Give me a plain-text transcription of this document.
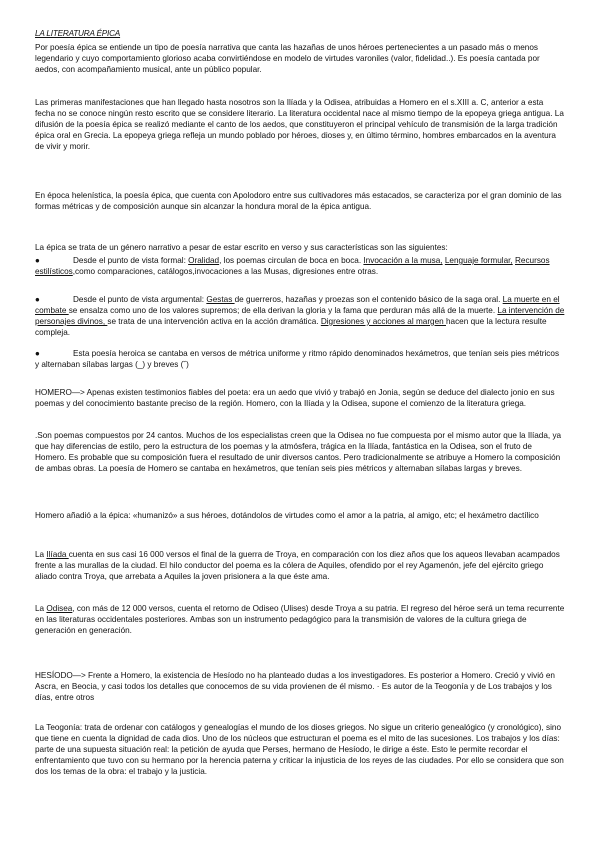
LA LITERATURA ÉPICA

Por poesía épica se entiende un tipo de poesía narrativa que canta las hazañas de unos héroes pertenecientes a un pasado más o menos legendario y cuyo comportamiento glorioso acaba convirtiéndose en modelo de virtudes varoniles (valor, fidelidad..). Es poesía cantada por aedos, con acompañamiento musical, ante un público popular.

Las primeras manifestaciones que han llegado hasta nosotros son la Ilíada y la Odisea, atribuidas a Homero en el s.XIII a. C, anterior a esta fecha no se conoce ningún resto escrito que se considere literario. La literatura occidental nace al mismo tiempo de la epopeya griega antigua. La difusión de la poesía épica se realizó mediante el canto de los aedos, que constituyeron el principal vehículo de transmisión de la larga tradición épica oral en Grecia. La epopeya griega refleja un mundo poblado por héroes, dioses y, en último término, hombres embarcados en la aventura de vivir y morir.

En época helenística, la poesía épica, que cuenta con Apolodoro entre sus cultivadores más estacados, se caracteriza por el gran dominio de las formas métricas y de composición aunque sin alcanzar la hondura moral de la épica antigua.

La épica se trata de un género narrativo a pesar de estar escrito en verso y sus características son las siguientes:

●	Desde el punto de vista formal: Oralidad, los poemas circulan de boca en boca. Invocación a la musa, Lenguaje formular, Recursos estilísticos,como comparaciones, catálogos,invocaciones a las Musas, digresiones entre otras.

●	Desde el punto de vista argumental: Gestas de guerreros, hazañas y proezas son el contenido básico de la saga oral. La muerte en el combate se ensalza como uno de los valores supremos; de ella derivan la gloria y la fama que perduran más allá de la muerte. La intervención de personajes divinos, se trata de una intervención activa en la acción dramática. Digresiones y acciones al margen hacen que la lectura resulte compleja.

●	Esta poesía heroica se cantaba en versos de métrica uniforme y ritmo rápido denominados hexámetros, que tenían seis pies métricos y alternaban sílabas largas (_) y breves (˘)

HOMERO—> Apenas existen testimonios fiables del poeta: era un aedo que vivió y trabajó en Jonia, según se deduce del dialecto jonio en sus poemas y del conocimiento bastante preciso de la región. Homero, con la Ilíada y la Odisea, supone el comienzo de la literatura griega.

.Son poemas compuestos por 24 cantos. Muchos de los especialistas creen que la Odisea no fue compuesta por el mismo autor que la Ilíada, ya que hay diferencias de estilo, pero la estructura de los poemas y la atmósfera, trágica en la Ilíada, fantástica en la Odisea, son el fruto de Homero. Es probable que su composición fuera el resultado de unir diversos cantos. Pero tradicionalmente se atribuye a Homero la composición de ambas obras. La poesía de Homero se cantaba en hexámetros, que tenían seis pies métricos y alternaban sílabas largas y breves.

Homero añadió a la épica: «humanizó» a sus héroes, dotándolos de virtudes como el amor a la patria, al amigo, etc; el hexámetro dactílico

La Ilíada cuenta en sus casi 16 000 versos el final de la guerra de Troya, en comparación con los diez años que los aqueos llevaban acampados frente a las murallas de la ciudad. El hilo conductor del poema es la cólera de Aquiles, ofendido por el rey Agamenón, jefe del ejército griego aliado contra Troya, que arrebata a Aquiles la joven prisionera a la que éste ama.

La Odisea, con más de 12 000 versos, cuenta el retorno de Odiseo (Ulises) desde Troya a su patria. El regreso del héroe será un tema recurrente en las literaturas occidentales posteriores. Ambas son un instrumento pedagógico para la transmisión de valores de la cultura griega de generación en generación.

HESÍODO—> Frente a Homero, la existencia de Hesíodo no ha planteado dudas a los investigadores. Es posterior a Homero. Creció y vivió en Ascra, en Beocia, y casi todos los detalles que conocemos de su vida provienen de él mismo. · Es autor de la Teogonía y de Los trabajos y los días, entre otros

La Teogonía: trata de ordenar con catálogos y genealogías el mundo de los dioses griegos. No sigue un criterio genealógico (y cronológico), sino que tiene en cuenta la dignidad de cada dios. Uno de los núcleos que estructuran el poema es el mito de las sucesiones. Los trabajos y los días: parte de una supuesta situación real: la petición de ayuda que Perses, hermano de Hesíodo, le dirige a éste. Esto le permite recordar el enfrentamiento que tuvo con su hermano por la herencia paterna y criticar la injusticia de los reyes de las ciudades. Por ello se considera que son dos los temas de la obra: el trabajo y la justicia.
